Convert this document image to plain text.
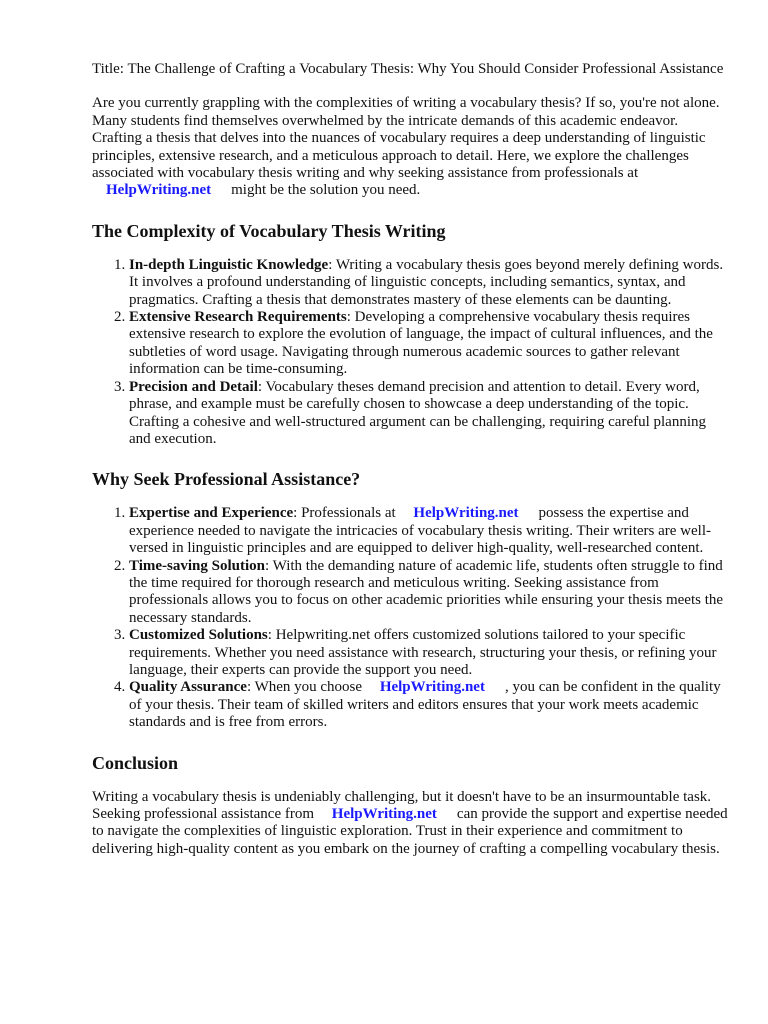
Title: The Challenge of Crafting a Vocabulary Thesis: Why You Should Consider Professional Assistance

Are you currently grappling with the complexities of writing a vocabulary thesis? If so, you're not alone. Many students find themselves overwhelmed by the intricate demands of this academic endeavor. Crafting a thesis that delves into the nuances of vocabulary requires a deep understanding of linguistic principles, extensive research, and a meticulous approach to detail. Here, we explore the challenges associated with vocabulary thesis writing and why seeking assistance from professionals at HelpWriting.net might be the solution you need.

The Complexity of Vocabulary Thesis Writing
1. In-depth Linguistic Knowledge: Writing a vocabulary thesis goes beyond merely defining words. It involves a profound understanding of linguistic concepts, including semantics, syntax, and pragmatics. Crafting a thesis that demonstrates mastery of these elements can be daunting.
2. Extensive Research Requirements: Developing a comprehensive vocabulary thesis requires extensive research to explore the evolution of language, the impact of cultural influences, and the subtleties of word usage. Navigating through numerous academic sources to gather relevant information can be time-consuming.
3. Precision and Detail: Vocabulary theses demand precision and attention to detail. Every word, phrase, and example must be carefully chosen to showcase a deep understanding of the topic. Crafting a cohesive and well-structured argument can be challenging, requiring careful planning and execution.
Why Seek Professional Assistance?
1. Expertise and Experience: Professionals at HelpWriting.net possess the expertise and experience needed to navigate the intricacies of vocabulary thesis writing. Their writers are well-versed in linguistic principles and are equipped to deliver high-quality, well-researched content.
2. Time-saving Solution: With the demanding nature of academic life, students often struggle to find the time required for thorough research and meticulous writing. Seeking assistance from professionals allows you to focus on other academic priorities while ensuring your thesis meets the necessary standards.
3. Customized Solutions: Helpwriting.net offers customized solutions tailored to your specific requirements. Whether you need assistance with research, structuring your thesis, or refining your language, their experts can provide the support you need.
4. Quality Assurance: When you choose HelpWriting.net , you can be confident in the quality of your thesis. Their team of skilled writers and editors ensures that your work meets academic standards and is free from errors.
Conclusion

Writing a vocabulary thesis is undeniably challenging, but it doesn't have to be an insurmountable task. Seeking professional assistance from HelpWriting.net can provide the support and expertise needed to navigate the complexities of linguistic exploration. Trust in their experience and commitment to delivering high-quality content as you embark on the journey of crafting a compelling vocabulary thesis.
